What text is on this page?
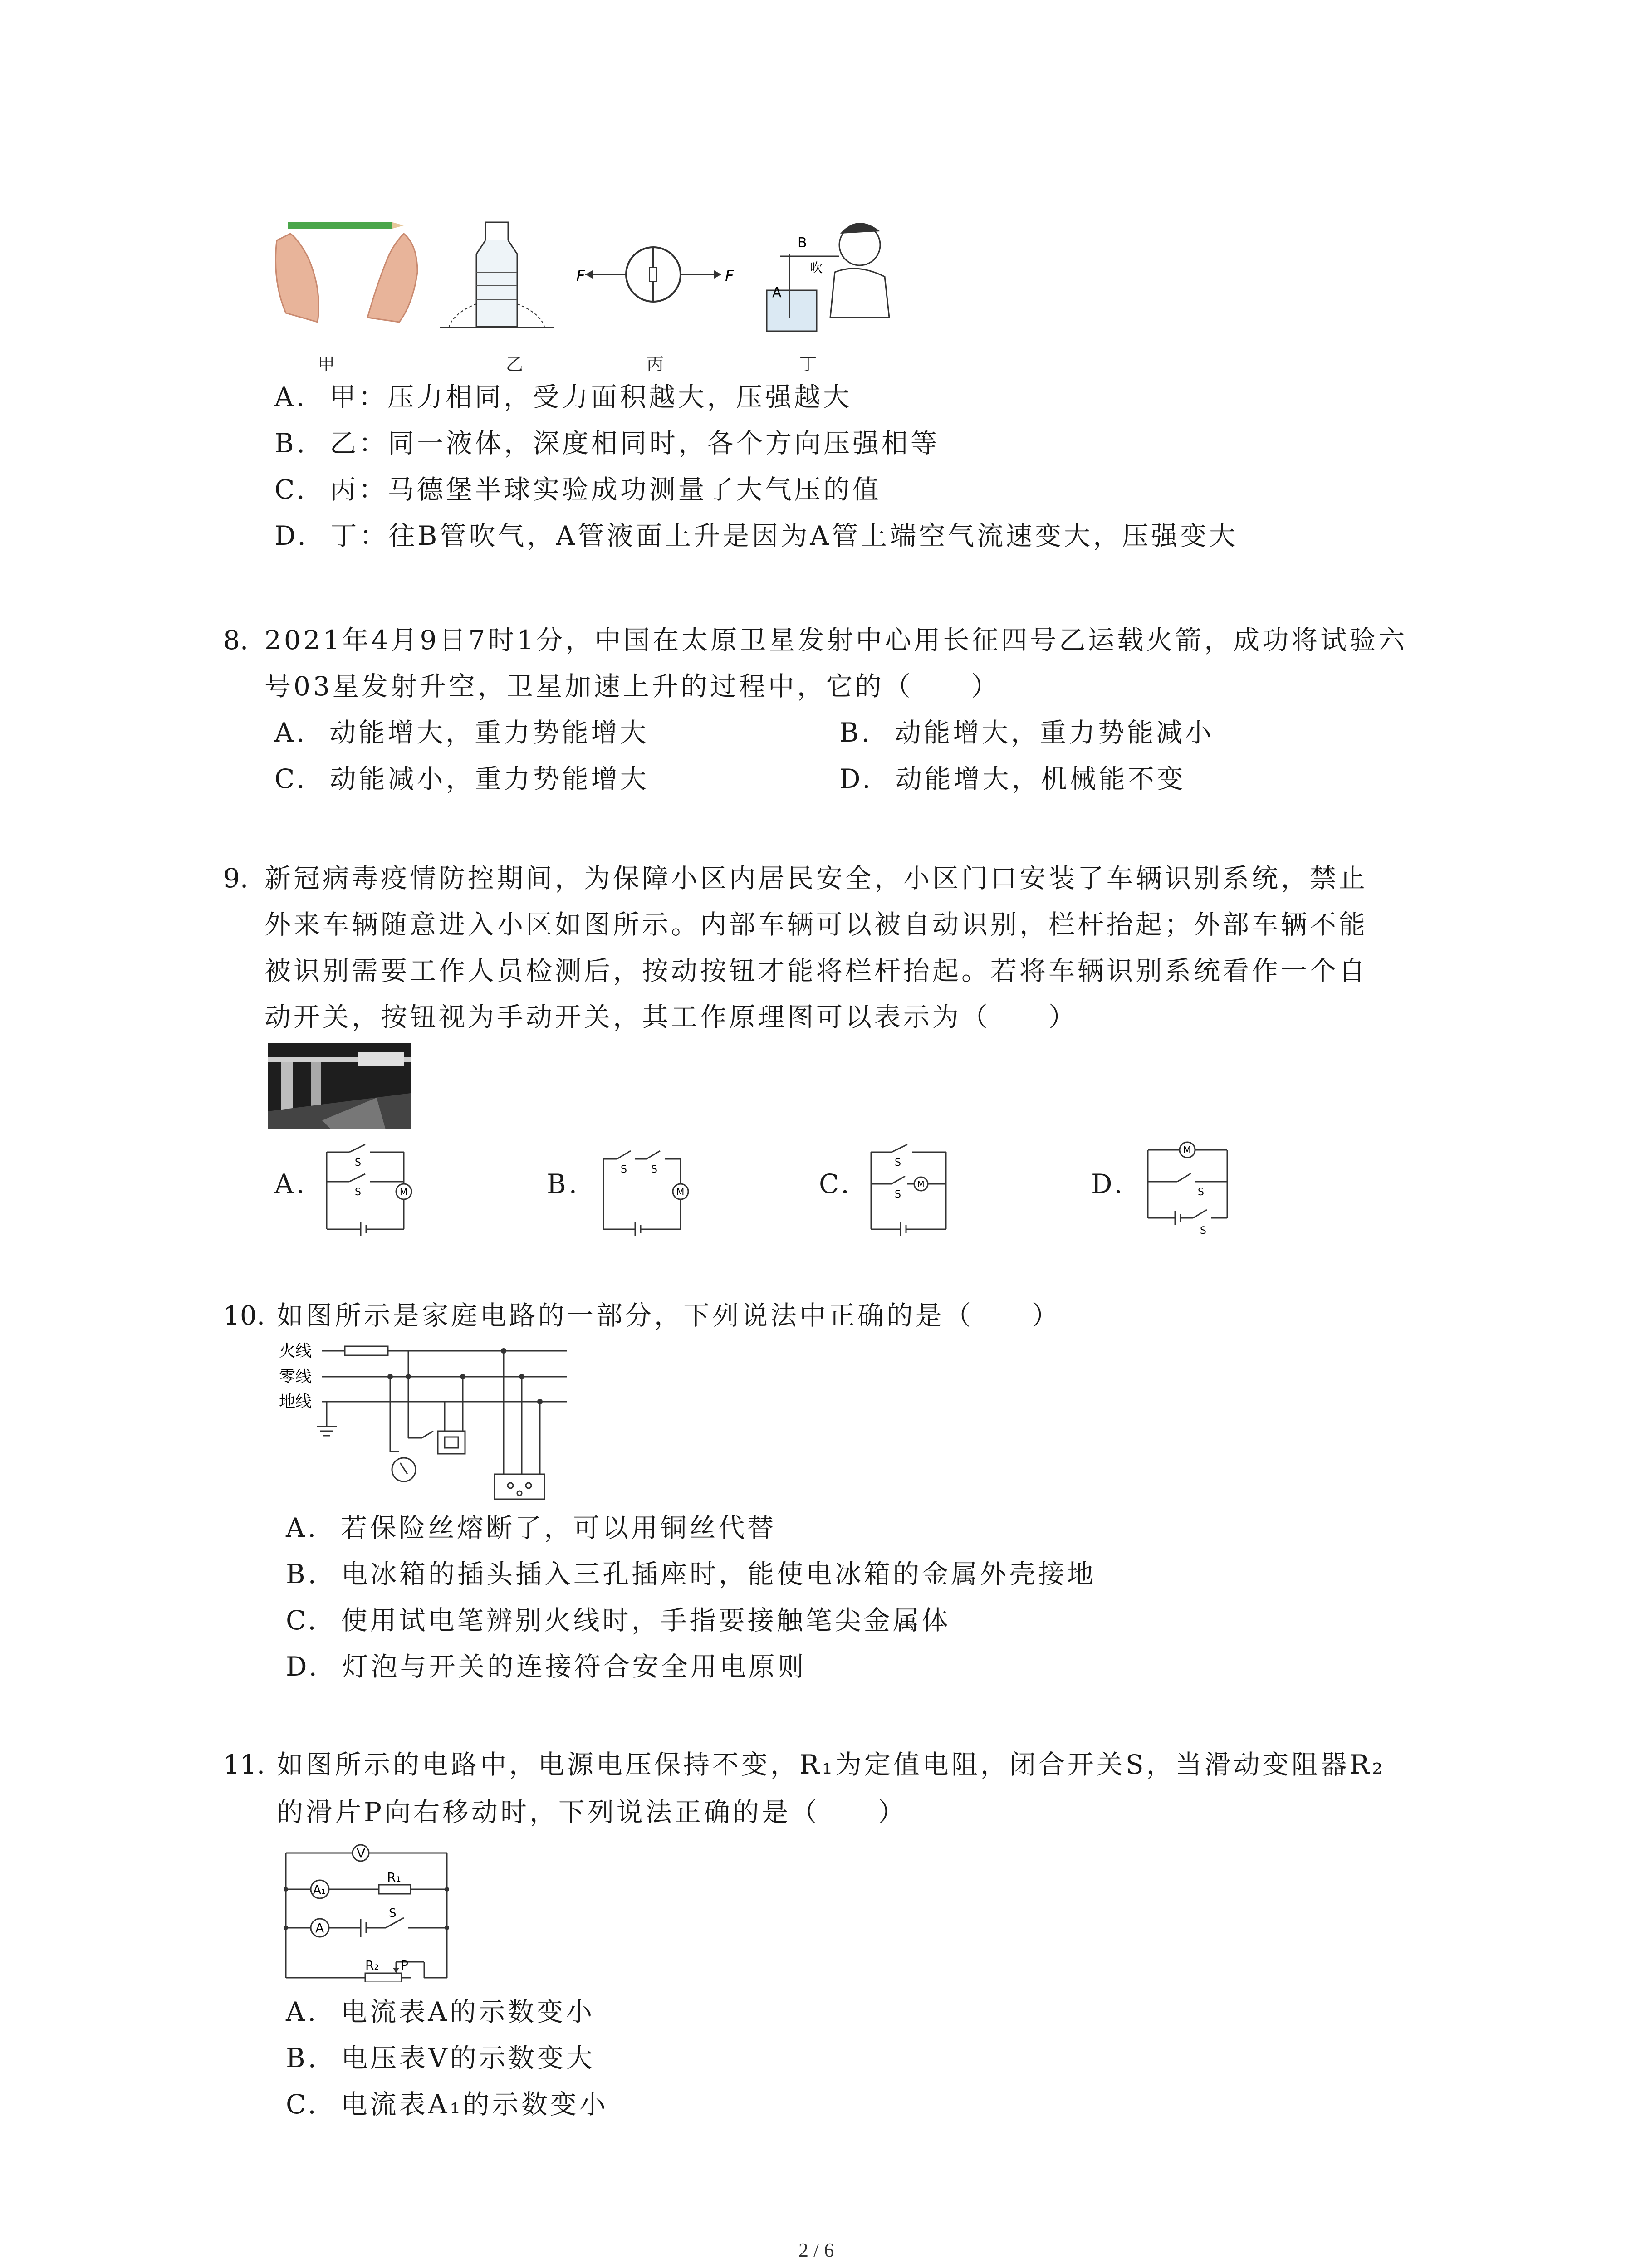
F	F
B
A
吹
甲	乙	丙	丁
A. 甲：压力相同，受力面积越大，压强越大
B. 乙：同一液体，深度相同时，各个方向压强相等
C. 丙：马德堡半球实验成功测量了大气压的值
D. 丁：往B管吹气，A管液面上升是因为A管上端空气流速变大，压强变大
8. 2021年4月9日7时1分，中国在太原卫星发射中心用长征四号乙运载火箭，成功将试验六
号03星发射升空，卫星加速上升的过程中，它的（　　）
A. 动能增大，重力势能增大	B. 动能增大，重力势能减小
C. 动能减小，重力势能增大	D. 动能增大，机械能不变
9. 新冠病毒疫情防控期间，为保障小区内居民安全，小区门口安装了车辆识别系统，禁止
外来车辆随意进入小区如图所示。内部车辆可以被自动识别，栏杆抬起；外部车辆不能
被识别需要工作人员检测后，按动按钮才能将栏杆抬起。若将车辆识别系统看作一个自
动开关，按钮视为手动开关，其工作原理图可以表示为（　　）
A.
S
S	M	B.	S S
M	C.
S
S
M	D.
M
S
S
10. 如图所示是家庭电路的一部分，下列说法中正确的是（　　）
火线
零线
地线
A. 若保险丝熔断了，可以用铜丝代替
B. 电冰箱的插头插入三孔插座时，能使电冰箱的金属外壳接地
C. 使用试电笔辨别火线时，手指要接触笔尖金属体
D. 灯泡与开关的连接符合安全用电原则
11. 如图所示的电路中，电源电压保持不变，R₁为定值电阻，闭合开关S，当滑动变阻器R₂
的滑片P向右移动时，下列说法正确的是（　　）
V
A₁
A
R₁
S
R₂ P
A. 电流表A的示数变小
B. 电压表V的示数变大
C. 电流表A₁的示数变小
2 / 6
